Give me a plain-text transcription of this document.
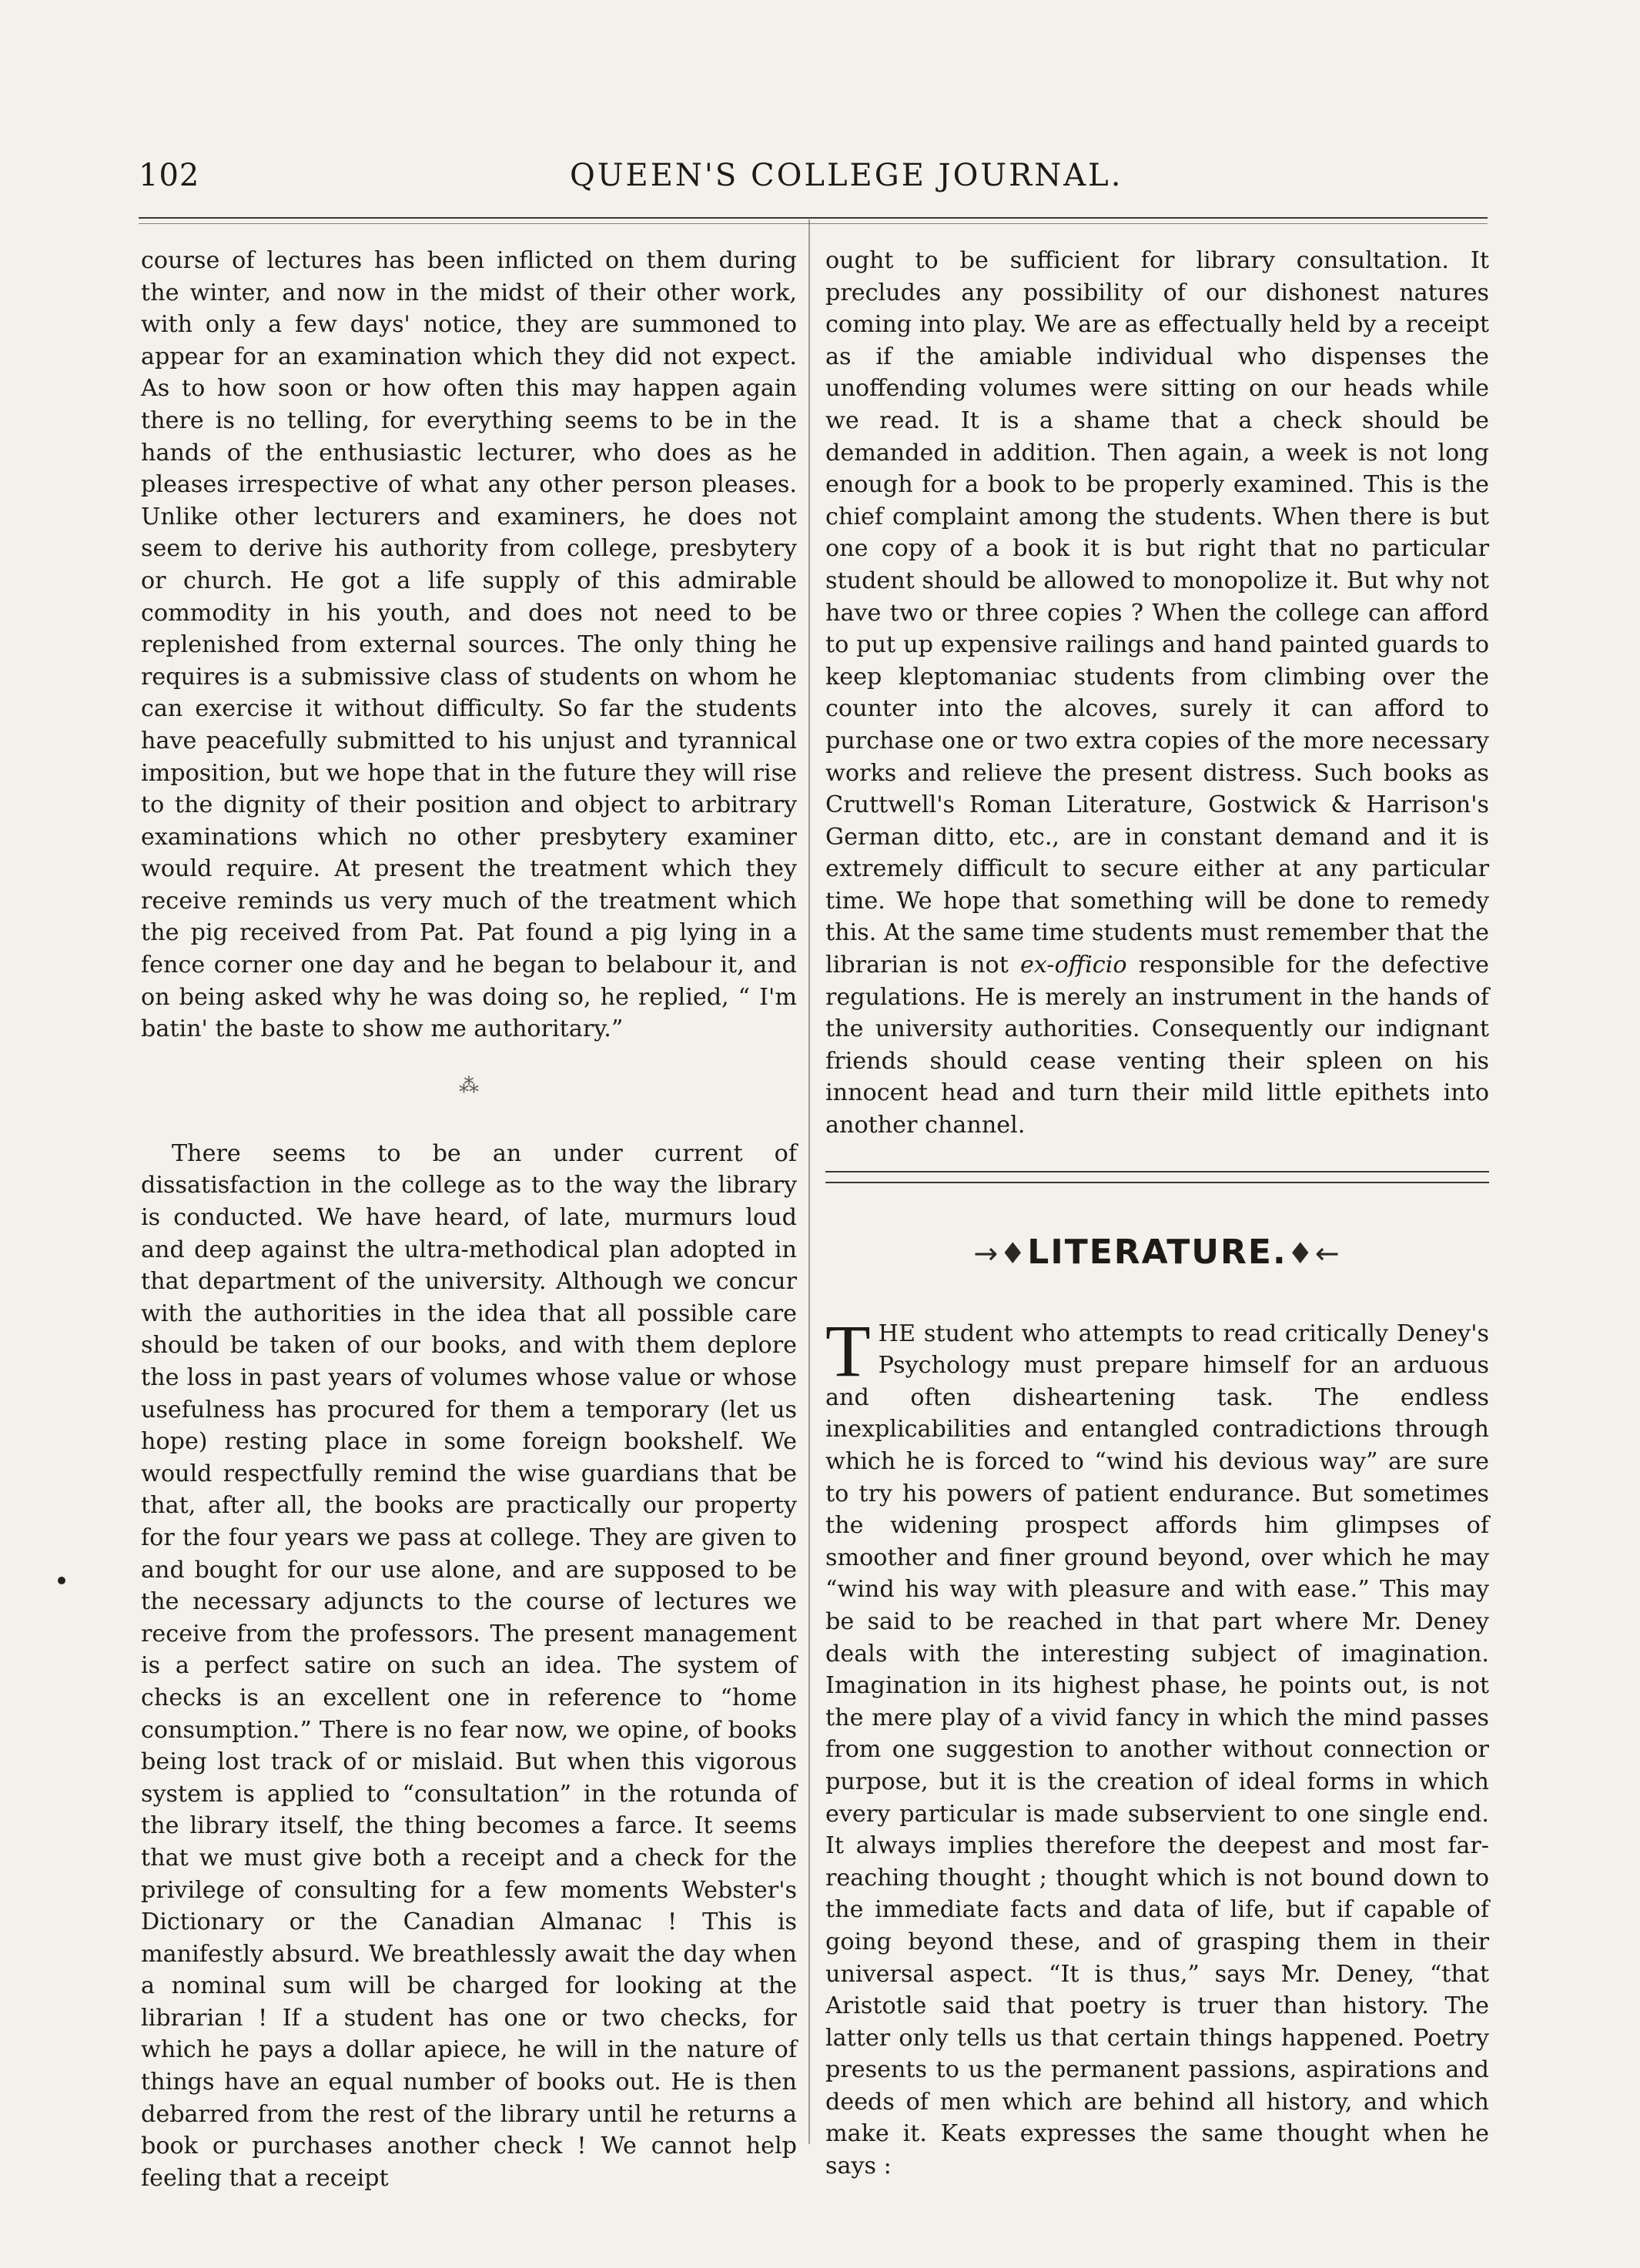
102	QUEEN'S COLLEGE JOURNAL.

course of lectures has been inflicted on them during the winter, and now in the midst of their other work, with only a few days' notice, they are summoned to appear for an examination which they did not expect. As to how soon or how often this may happen again there is no telling, for everything seems to be in the hands of the enthusiastic lecturer, who does as he pleases irrespective of what any other person pleases. Unlike other lecturers and examiners, he does not seem to derive his authority from college, presbytery or church. He got a life supply of this admirable commodity in his youth, and does not need to be replenished from external sources. The only thing he requires is a submissive class of students on whom he can exercise it without difficulty. So far the students have peacefully submitted to his unjust and tyrannical imposition, but we hope that in the future they will rise to the dignity of their position and object to arbitrary examinations which no other presbytery examiner would require. At present the treatment which they receive reminds us very much of the treatment which the pig received from Pat. Pat found a pig lying in a fence corner one day and he began to belabour it, and on being asked why he was doing so, he replied, “ I'm batin' the baste to show me authoritary.”

⁂

There seems to be an under current of dissatisfaction in the college as to the way the library is conducted. We have heard, of late, murmurs loud and deep against the ultra-methodical plan adopted in that department of the university. Although we concur with the authorities in the idea that all possible care should be taken of our books, and with them deplore the loss in past years of volumes whose value or whose usefulness has procured for them a temporary (let us hope) resting place in some foreign bookshelf. We would respectfully remind the wise guardians that be that, after all, the books are practically our property for the four years we pass at college. They are given to and bought for our use alone, and are supposed to be the necessary adjuncts to the course of lectures we receive from the professors. The present management is a perfect satire on such an idea. The system of checks is an excellent one in reference to “home consumption.” There is no fear now, we opine, of books being lost track of or mislaid. But when this vigorous system is applied to “consultation” in the rotunda of the library itself, the thing becomes a farce. It seems that we must give both a receipt and a check for the privilege of consulting for a few moments Webster's Dictionary or the Canadian Almanac ! This is manifestly absurd. We breathlessly await the day when a nominal sum will be charged for looking at the librarian ! If a student has one or two checks, for which he pays a dollar apiece, he will in the nature of things have an equal number of books out. He is then debarred from the rest of the library until he returns a book or purchases another check ! We cannot help feeling that a receipt

ought to be sufficient for library consultation. It precludes any possibility of our dishonest natures coming into play. We are as effectually held by a receipt as if the amiable individual who dispenses the unoffending volumes were sitting on our heads while we read. It is a shame that a check should be demanded in addition. Then again, a week is not long enough for a book to be properly examined. This is the chief complaint among the students. When there is but one copy of a book it is but right that no particular student should be allowed to monopolize it. But why not have two or three copies ? When the college can afford to put up expensive railings and hand painted guards to keep kleptomaniac students from climbing over the counter into the alcoves, surely it can afford to purchase one or two extra copies of the more necessary works and relieve the present distress. Such books as Cruttwell's Roman Literature, Gostwick & Harrison's German ditto, etc., are in constant demand and it is extremely difficult to secure either at any particular time. We hope that something will be done to remedy this. At the same time students must remember that the librarian is not ex-officio responsible for the defective regulations. He is merely an instrument in the hands of the university authorities. Consequently our indignant friends should cease venting their spleen on his innocent head and turn their mild little epithets into another channel.

→♦LITERATURE.♦←

THE student who attempts to read critically Deney's Psychology must prepare himself for an arduous and often disheartening task. The endless inexplicabilities and entangled contradictions through which he is forced to “wind his devious way” are sure to try his powers of patient endurance. But sometimes the widening prospect affords him glimpses of smoother and finer ground beyond, over which he may “wind his way with pleasure and with ease.” This may be said to be reached in that part where Mr. Deney deals with the interesting subject of imagination. Imagination in its highest phase, he points out, is not the mere play of a vivid fancy in which the mind passes from one suggestion to another without connection or purpose, but it is the creation of ideal forms in which every particular is made subservient to one single end. It always implies therefore the deepest and most far-reaching thought ; thought which is not bound down to the immediate facts and data of life, but if capable of going beyond these, and of grasping them in their universal aspect. “It is thus,” says Mr. Deney, “that Aristotle said that poetry is truer than history. The latter only tells us that certain things happened. Poetry presents to us the permanent passions, aspirations and deeds of men which are behind all history, and which make it. Keats expresses the same thought when he says :
